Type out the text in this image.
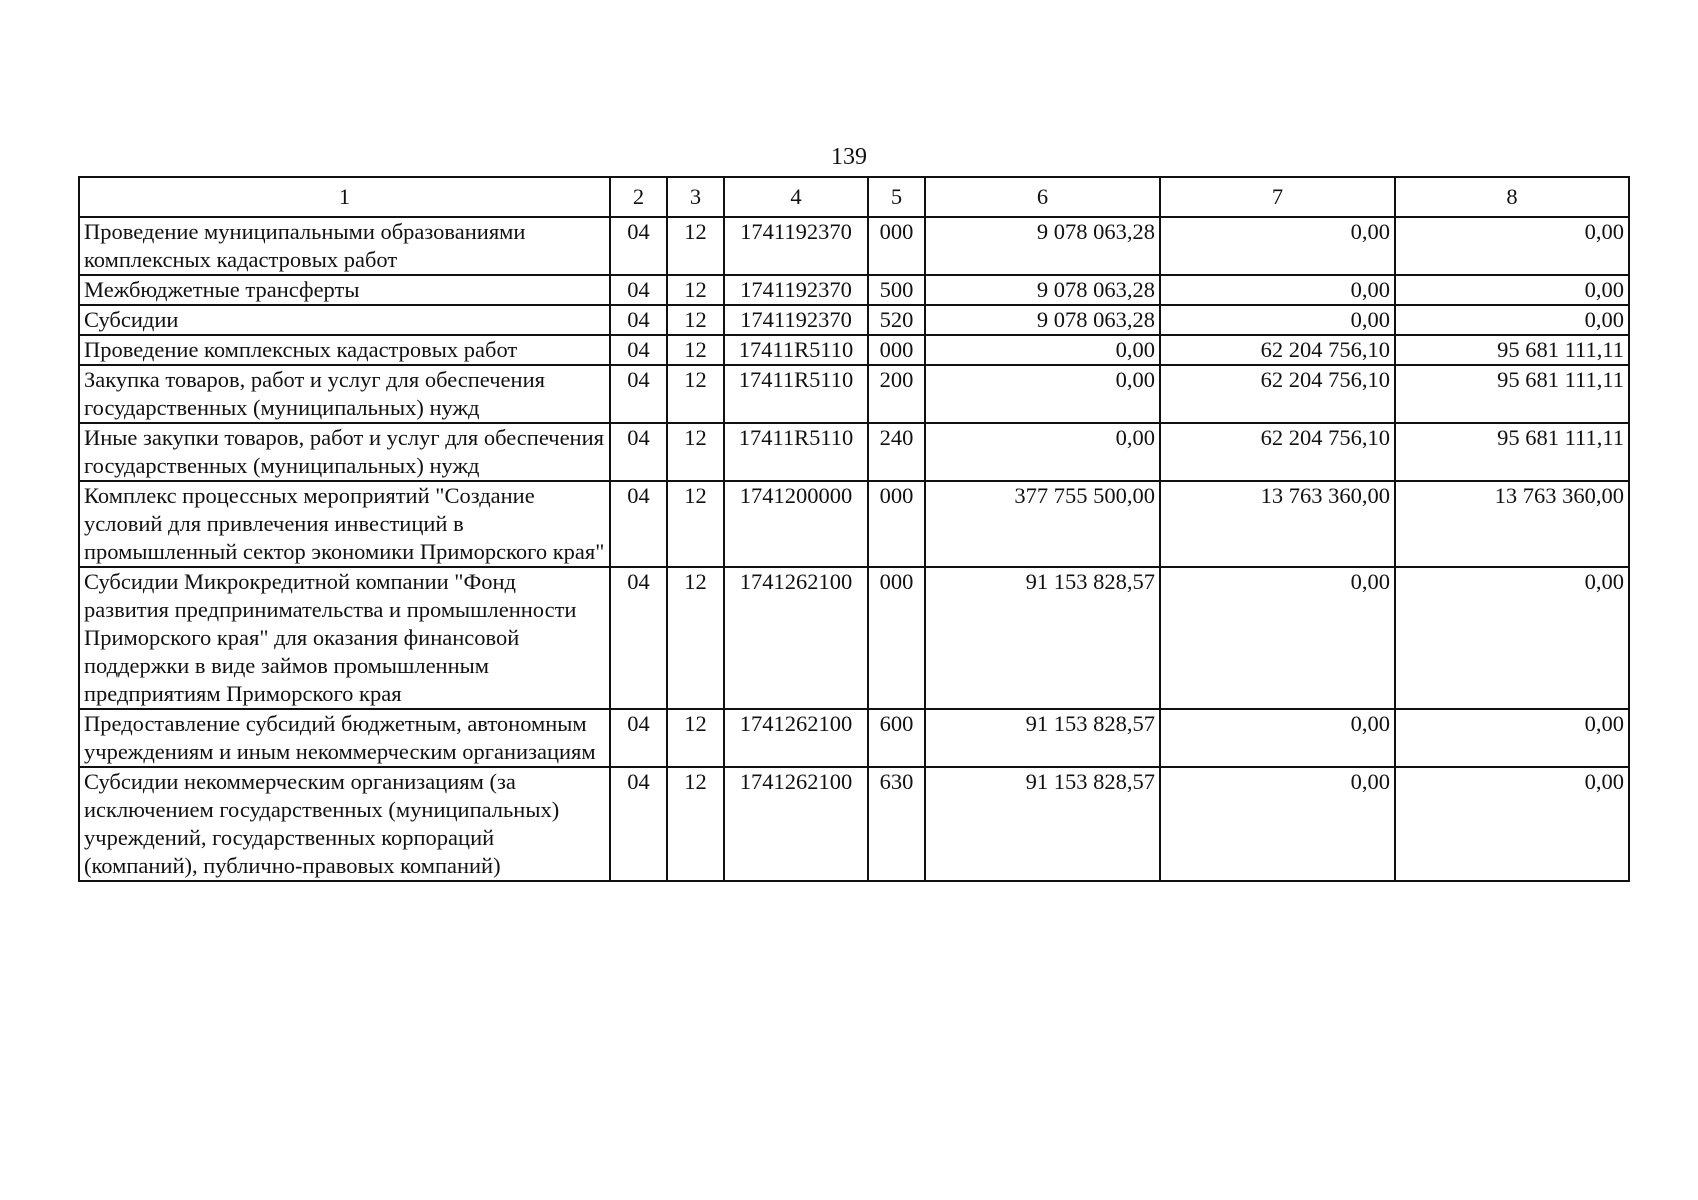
139
1	2	3	4	5	6	7	8
Проведение муниципальными образованиями комплексных кадастровых работ	04	12	1741192370	000	9 078 063,28	0,00	0,00
Межбюджетные трансферты	04	12	1741192370	500	9 078 063,28	0,00	0,00
Субсидии	04	12	1741192370	520	9 078 063,28	0,00	0,00
Проведение комплексных кадастровых работ	04	12	17411R5110	000	0,00	62 204 756,10	95 681 111,11
Закупка товаров, работ и услуг для обеспечения государственных (муниципальных) нужд	04	12	17411R5110	200	0,00	62 204 756,10	95 681 111,11
Иные закупки товаров, работ и услуг для обеспечения государственных (муниципальных) нужд	04	12	17411R5110	240	0,00	62 204 756,10	95 681 111,11
Комплекс процессных мероприятий "Создание условий для привлечения инвестиций в промышленный сектор экономики Приморского края"	04	12	1741200000	000	377 755 500,00	13 763 360,00	13 763 360,00
Субсидии Микрокредитной компании "Фонд развития предпринимательства и промышленности Приморского края" для оказания финансовой поддержки в виде займов промышленным предприятиям Приморского края	04	12	1741262100	000	91 153 828,57	0,00	0,00
Предоставление субсидий бюджетным, автономным учреждениям и иным некоммерческим организациям	04	12	1741262100	600	91 153 828,57	0,00	0,00
Субсидии некоммерческим организациям (за исключением государственных (муниципальных) учреждений, государственных корпораций (компаний), публично-правовых компаний)	04	12	1741262100	630	91 153 828,57	0,00	0,00
